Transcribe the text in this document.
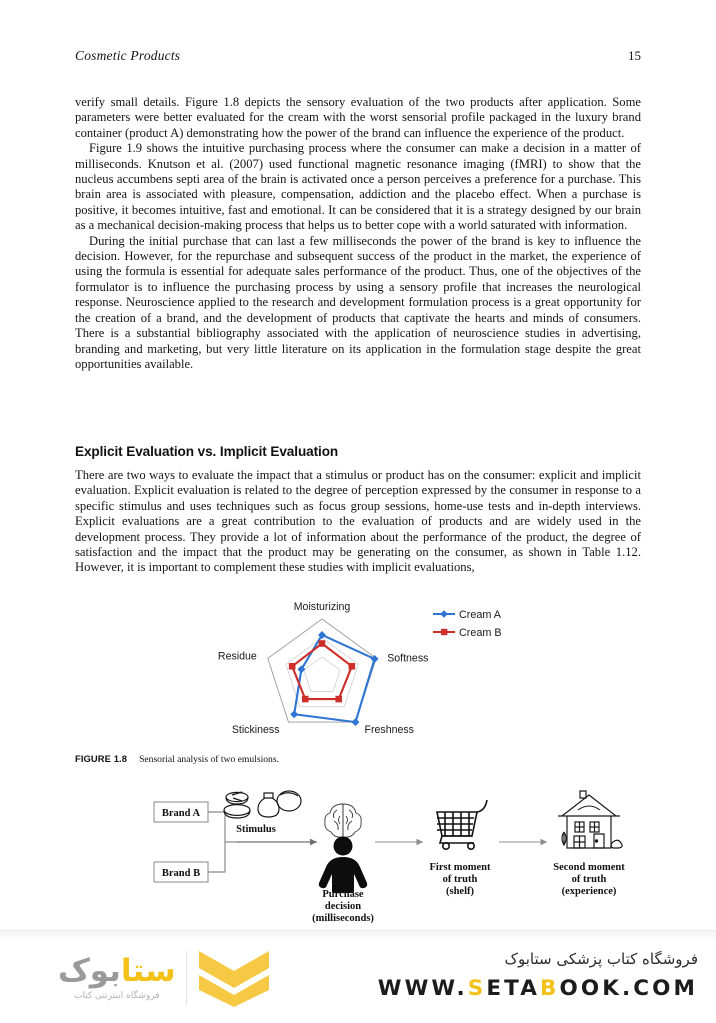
Cosmetic Products	15

verify small details. Figure 1.8 depicts the sensory evaluation of the two products after application. Some parameters were better evaluated for the cream with the worst sensorial profile packaged in the luxury brand container (product A) demonstrating how the power of the brand can influence the experience of the product.

Figure 1.9 shows the intuitive purchasing process where the consumer can make a decision in a matter of milliseconds. Knutson et al. (2007) used functional magnetic resonance imaging (fMRI) to show that the nucleus accumbens septi area of the brain is activated once a person perceives a preference for a purchase. This brain area is associated with pleasure, compensation, addiction and the placebo effect. When a purchase is positive, it becomes intuitive, fast and emotional. It can be considered that it is a strategy designed by our brain as a mechanical decision-making process that helps us to better cope with a world saturated with information.

During the initial purchase that can last a few milliseconds the power of the brand is key to influence the decision. However, for the repurchase and subsequent success of the product in the market, the experience of using the formula is essential for adequate sales performance of the product. Thus, one of the objectives of the formulator is to influence the purchasing process by using a sensory profile that increases the neurological response. Neuroscience applied to the research and development formulation process is a great opportunity for the creation of a brand, and the development of products that captivate the hearts and minds of consumers. There is a substantial bibliography associated with the application of neuroscience studies in advertising, branding and marketing, but very little literature on its application in the formulation stage despite the great opportunities available.

Explicit Evaluation vs. Implicit Evaluation

There are two ways to evaluate the impact that a stimulus or product has on the consumer: explicit and implicit evaluation. Explicit evaluation is related to the degree of perception expressed by the consumer in response to a specific stimulus and uses techniques such as focus group sessions, home-use tests and in-depth interviews. Explicit evaluations are a great contribution to the evaluation of products and are widely used in the development process. They provide a lot of information about the performance of the product, the degree of satisfaction and the impact that the product may be generating on the consumer, as shown in Table 1.12. However, it is important to complement these studies with implicit evaluations,

Moisturizing
Softness
Freshness
Stickiness
Residue
Cream A
Cream B
FIGURE 1.8 Sensorial analysis of two emulsions.
Brand A
Brand B
Stimulus
Purchase
decision
(milliseconds)
First moment
of truth
(shelf)
Second moment
of truth
(experience)
ستابوک
فروشگاه اینترنتی کتاب
فروشگاه کتاب پزشکی ستابوک
WWW.SETABOOK.COM
